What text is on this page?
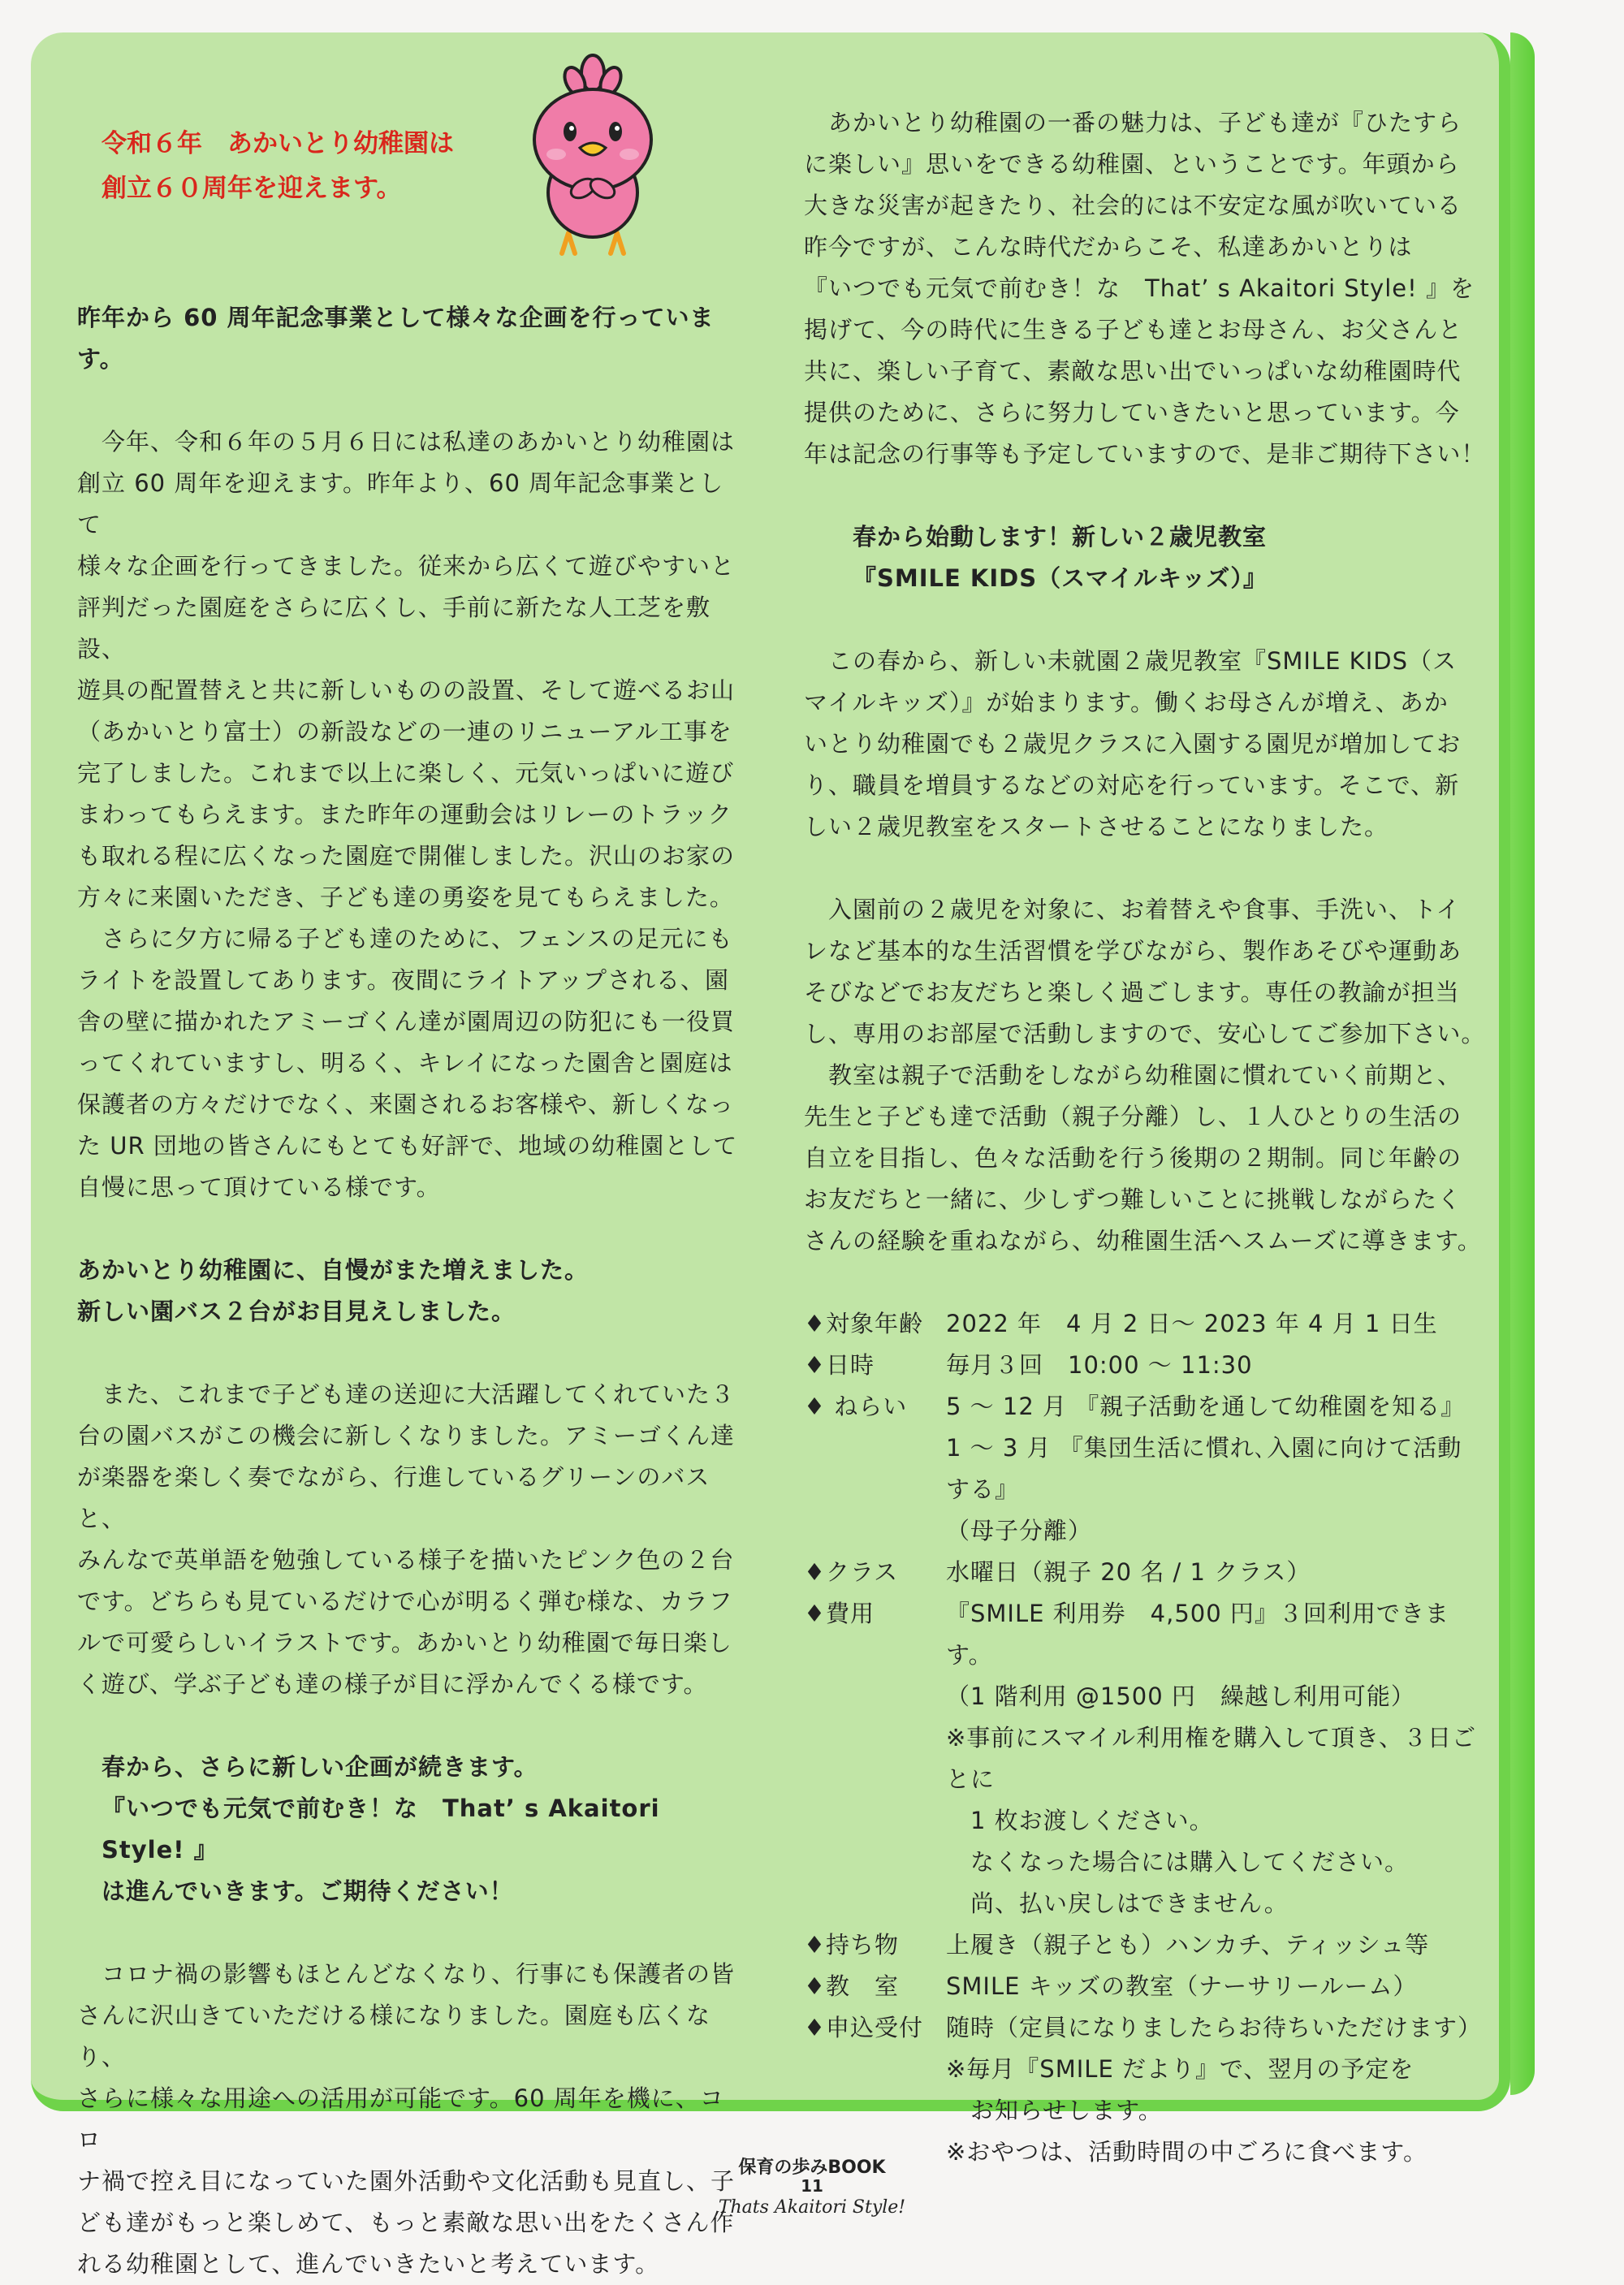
令和６年　あかいとり幼稚園は
創立６０周年を迎えます。

昨年から 60 周年記念事業として様々な企画を行っています。

　今年、令和６年の５月６日には私達のあかいとり幼稚園は

創立 60 周年を迎えます。昨年より、60 周年記念事業として

様々な企画を行ってきました。従来から広くて遊びやすいと

評判だった園庭をさらに広くし、手前に新たな人工芝を敷設、

遊具の配置替えと共に新しいものの設置、そして遊べるお山

（あかいとり富士）の新設などの一連のリニューアル工事を

完了しました。これまで以上に楽しく、元気いっぱいに遊び

まわってもらえます。また昨年の運動会はリレーのトラック

も取れる程に広くなった園庭で開催しました。沢山のお家の

方々に来園いただき、子ども達の勇姿を見てもらえました。

　さらに夕方に帰る子ども達のために、フェンスの足元にも

ライトを設置してあります。夜間にライトアップされる、園

舎の壁に描かれたアミーゴくん達が園周辺の防犯にも一役買

ってくれていますし、明るく、キレイになった園舎と園庭は

保護者の方々だけでなく、来園されるお客様や、新しくなっ

た UR 団地の皆さんにもとても好評で、地域の幼稚園として

自慢に思って頂けている様です。

あかいとり幼稚園に、自慢がまた増えました。

新しい園バス２台がお目見えしました。

　また、これまで子ども達の送迎に大活躍してくれていた３

台の園バスがこの機会に新しくなりました。アミーゴくん達

が楽器を楽しく奏でながら、行進しているグリーンのバスと、

みんなで英単語を勉強している様子を描いたピンク色の２台

です。どちらも見ているだけで心が明るく弾む様な、カラフ

ルで可愛らしいイラストです。あかいとり幼稚園で毎日楽し

く遊び、学ぶ子ども達の様子が目に浮かんでくる様です。

春から、さらに新しい企画が続きます。

『いつでも元気で前むき！な　That’ s Akaitori Style! 』

は進んでいきます。ご期待ください！

　コロナ禍の影響もほとんどなくなり、行事にも保護者の皆

さんに沢山きていただける様になりました。園庭も広くなり、

さらに様々な用途への活用が可能です。60 周年を機に、コロ

ナ禍で控え目になっていた園外活動や文化活動も見直し、子

ども達がもっと楽しめて、もっと素敵な思い出をたくさん作

れる幼稚園として、進んでいきたいと考えています。

　あかいとり幼稚園の一番の魅力は、子ども達が『ひたすら

に楽しい』思いをできる幼稚園、ということです。年頭から

大きな災害が起きたり、社会的には不安定な風が吹いている

昨今ですが、こんな時代だからこそ、私達あかいとりは

『いつでも元気で前むき！な　That’ s Akaitori Style! 』を

掲げて、今の時代に生きる子ども達とお母さん、お父さんと

共に、楽しい子育て、素敵な思い出でいっぱいな幼稚園時代

提供のために、さらに努力していきたいと思っています。今

年は記念の行事等も予定していますので、是非ご期待下さい！

春から始動します！新しい２歳児教室

『SMILE KIDS（スマイルキッズ）』

　この春から、新しい未就園２歳児教室『SMILE KIDS（ス

マイルキッズ）』が始まります。働くお母さんが増え、あか

いとり幼稚園でも２歳児クラスに入園する園児が増加してお

り、職員を増員するなどの対応を行っています。そこで、新

しい２歳児教室をスタートさせることになりました。

　入園前の２歳児を対象に、お着替えや食事、手洗い、トイ

レなど基本的な生活習慣を学びながら、製作あそびや運動あ

そびなどでお友だちと楽しく過ごします。専任の教諭が担当

し、専用のお部屋で活動しますので、安心してご参加下さい。

　教室は親子で活動をしながら幼稚園に慣れていく前期と、

先生と子ども達で活動（親子分離）し、１人ひとりの生活の

自立を目指し、色々な活動を行う後期の２期制。同じ年齢の

お友だちと一緒に、少しずつ難しいことに挑戦しながらたく

さんの経験を重ねながら、幼稚園生活へスムーズに導きます。

♦対象年齢	2022 年　4 月 2 日～ 2023 年 4 月 1 日生
♦日時	毎月３回　10:00 ～ 11:30
♦ ねらい	5 ～ 12 月 『親子活動を通して幼稚園を知る』
	1 ～ 3 月 『集団生活に慣れ､入園に向けて活動する』
	（母子分離）
♦クラス	水曜日（親子 20 名 / 1 クラス）
♦費用	『SMILE 利用券　4,500 円』３回利用できます。
	（1 階利用 @1500 円　繰越し利用可能）
	※事前にスマイル利用権を購入して頂き、３日ごとに
	　1 枚お渡しください。
	　なくなった場合には購入してください。
	　尚、払い戻しはできません。
♦持ち物	上履き（親子とも）ハンカチ、ティッシュ等
♦教　室	SMILE キッズの教室（ナーサリールーム）
♦申込受付	随時（定員になりましたらお待ちいただけます）
	※毎月『SMILE だより』で、翌月の予定を
	　お知らせします。
	※おやつは、活動時間の中ごろに食べます。
保育の歩みBOOK
11
Thats Akaitori Style!
